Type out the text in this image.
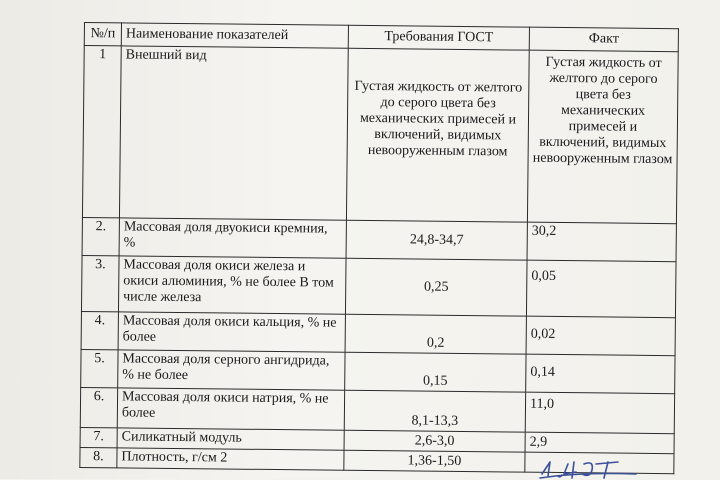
№/п	Наименование показателей	Требования ГОСТ	Факт
1	Внешний вид	Густая жидкость от желтого до серого цвета без механических примесей и включений, видимых невооруженным глазом	Густая жидкость от желтого до серого цвета без механических примесей и включений, видимых невооруженным глазом
2.	Массовая доля двуокиси кремния, %	24,8-34,7	30,2
3.	Массовая доля окиси железа и окиси алюминия, % не более В том числе железа	0,25	0,05
4.	Массовая доля окиси кальция, % не более	0,2	0,02
5.	Массовая доля серного ангидрида, % не более	0,15	0,14
6.	Массовая доля окиси натрия, % не более	8,1-13,3	11,0
7.	Силикатный модуль	2,6-3,0	2,9
8.	Плотность, г/см 2	1,36-1,50	
